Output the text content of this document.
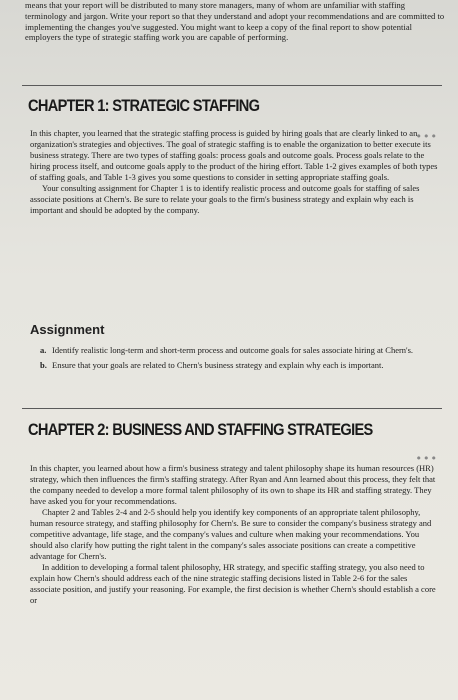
means that your report will be distributed to many store managers, many of whom are unfamiliar with staffing terminology and jargon. Write your report so that they understand and adopt your recommendations and are committed to implementing the changes you've suggested. You might want to keep a copy of the final report to show potential employers the type of strategic staffing work you are capable of performing.
CHAPTER 1: STRATEGIC STAFFING
•••

In this chapter, you learned that the strategic staffing process is guided by hiring goals that are clearly linked to an organization's strategies and objectives. The goal of strategic staffing is to enable the organization to better execute its business strategy. There are two types of staffing goals: process goals and outcome goals. Process goals relate to the hiring process itself, and outcome goals apply to the product of the hiring effort. Table 1-2 gives examples of both types of staffing goals, and Table 1-3 gives you some questions to consider in setting appropriate staffing goals.

Your consulting assignment for Chapter 1 is to identify realistic process and outcome goals for staffing of sales associate positions at Chern's. Be sure to relate your goals to the firm's business strategy and explain why each is important and should be adopted by the company.

Assignment
a. Identify realistic long-term and short-term process and outcome goals for sales associate hiring at Chern's.
b. Ensure that your goals are related to Chern's business strategy and explain why each is important.
CHAPTER 2: BUSINESS AND STAFFING STRATEGIES
•••

In this chapter, you learned about how a firm's business strategy and talent philosophy shape its human resources (HR) strategy, which then influences the firm's staffing strategy. After Ryan and Ann learned about this process, they felt that the company needed to develop a more formal talent philosophy of its own to shape its HR and staffing strategy. They have asked you for your recommendations.

Chapter 2 and Tables 2-4 and 2-5 should help you identify key components of an appropriate talent philosophy, human resource strategy, and staffing philosophy for Chern's. Be sure to consider the company's business strategy and competitive advantage, life stage, and the company's values and culture when making your recommendations. You should also clarify how putting the right talent in the company's sales associate positions can create a competitive advantage for Chern's.

In addition to developing a formal talent philosophy, HR strategy, and specific staffing strategy, you also need to explain how Chern's should address each of the nine strategic staffing decisions listed in Table 2-6 for the sales associate position, and justify your reasoning. For example, the first decision is whether Chern's should establish a core or
